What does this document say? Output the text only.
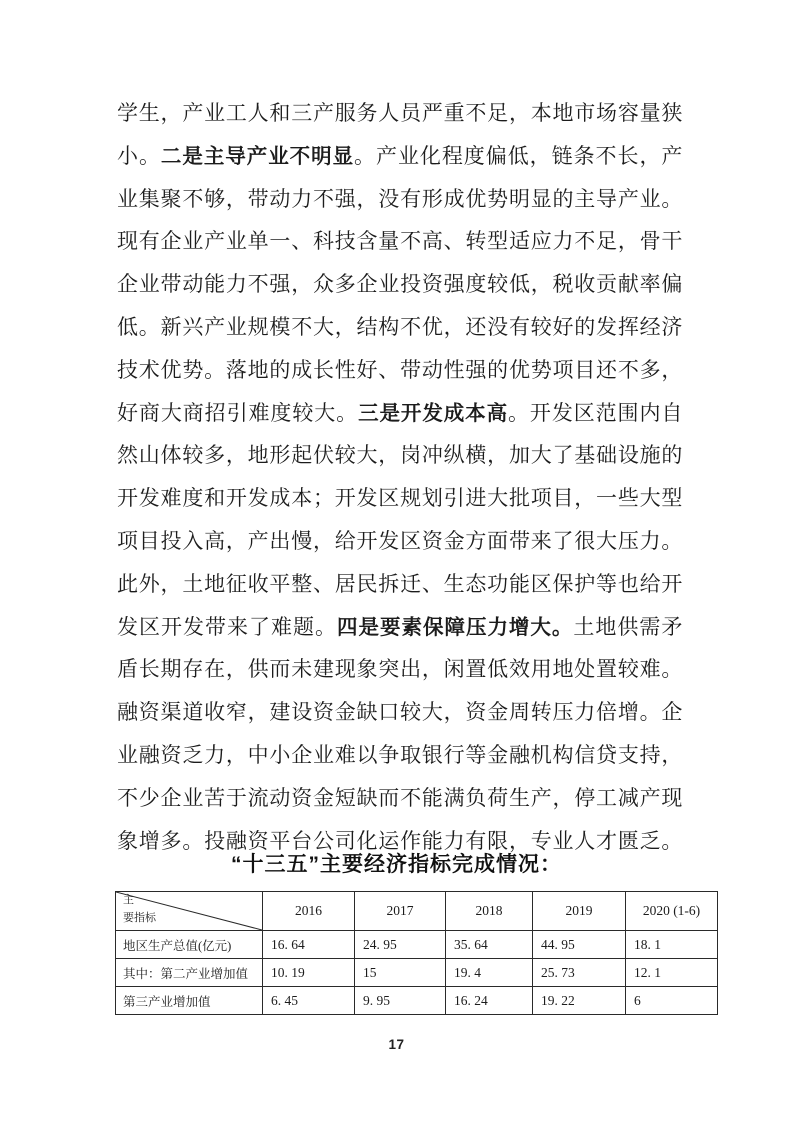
学生，产业工人和三产服务人员严重不足，本地市场容量狭
小。二是主导产业不明显。产业化程度偏低，链条不长，产
业集聚不够，带动力不强，没有形成优势明显的主导产业。
现有企业产业单一、科技含量不高、转型适应力不足，骨干
企业带动能力不强，众多企业投资强度较低，税收贡献率偏
低。新兴产业规模不大，结构不优，还没有较好的发挥经济
技术优势。落地的成长性好、带动性强的优势项目还不多，
好商大商招引难度较大。三是开发成本高。开发区范围内自
然山体较多，地形起伏较大，岗冲纵横，加大了基础设施的
开发难度和开发成本；开发区规划引进大批项目，一些大型
项目投入高，产出慢，给开发区资金方面带来了很大压力。
此外，土地征收平整、居民拆迁、生态功能区保护等也给开
发区开发带来了难题。四是要素保障压力增大。土地供需矛
盾长期存在，供而未建现象突出，闲置低效用地处置较难。
融资渠道收窄，建设资金缺口较大，资金周转压力倍增。企
业融资乏力，中小企业难以争取银行等金融机构信贷支持，
不少企业苦于流动资金短缺而不能满负荷生产，停工减产现
象增多。投融资平台公司化运作能力有限，专业人才匮乏。
“十三五”主要经济指标完成情况：
主
要指标	2016	2017	2018	2019	2020 (1-6)
地区生产总值(亿元)	16. 64	24. 95	35. 64	44. 95	18. 1
其中：第二产业增加值	10. 19	15	19. 4	25. 73	12. 1
第三产业增加值	6. 45	9. 95	16. 24	19. 22	6
17
